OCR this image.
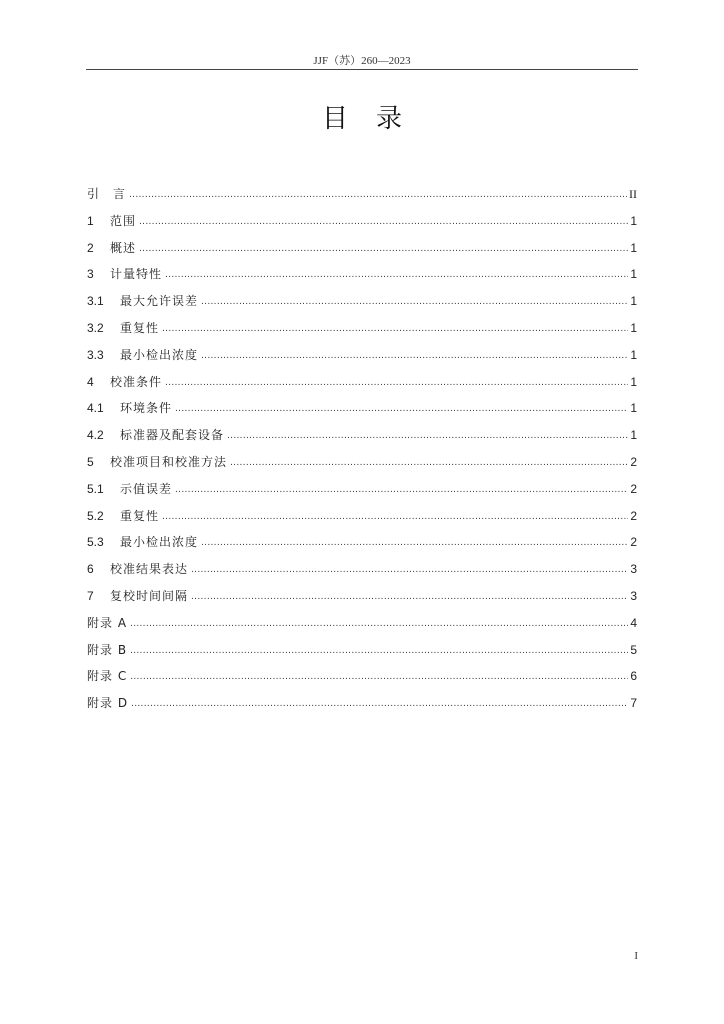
JJF（苏）260—2023
目录
引　言 .....	II
1	范围 .....	1
2	概述 .....	1
3	计量特性 .....	1
3.1	最大允许误差 .....	1
3.2	重复性 .....	1
3.3	最小检出浓度 .....	1
4	校准条件 .....	1
4.1	环境条件 .....	1
4.2	标准器及配套设备 .....	1
5	校准项目和校准方法 .....	2
5.1	示值误差 .....	2
5.2	重复性 .....	2
5.3	最小检出浓度 .....	2
6	校准结果表达 .....	3
7	复校时间间隔 .....	3
附录 A .....	4
附录 B .....	5
附录 C .....	6
附录 D .....	7
I
